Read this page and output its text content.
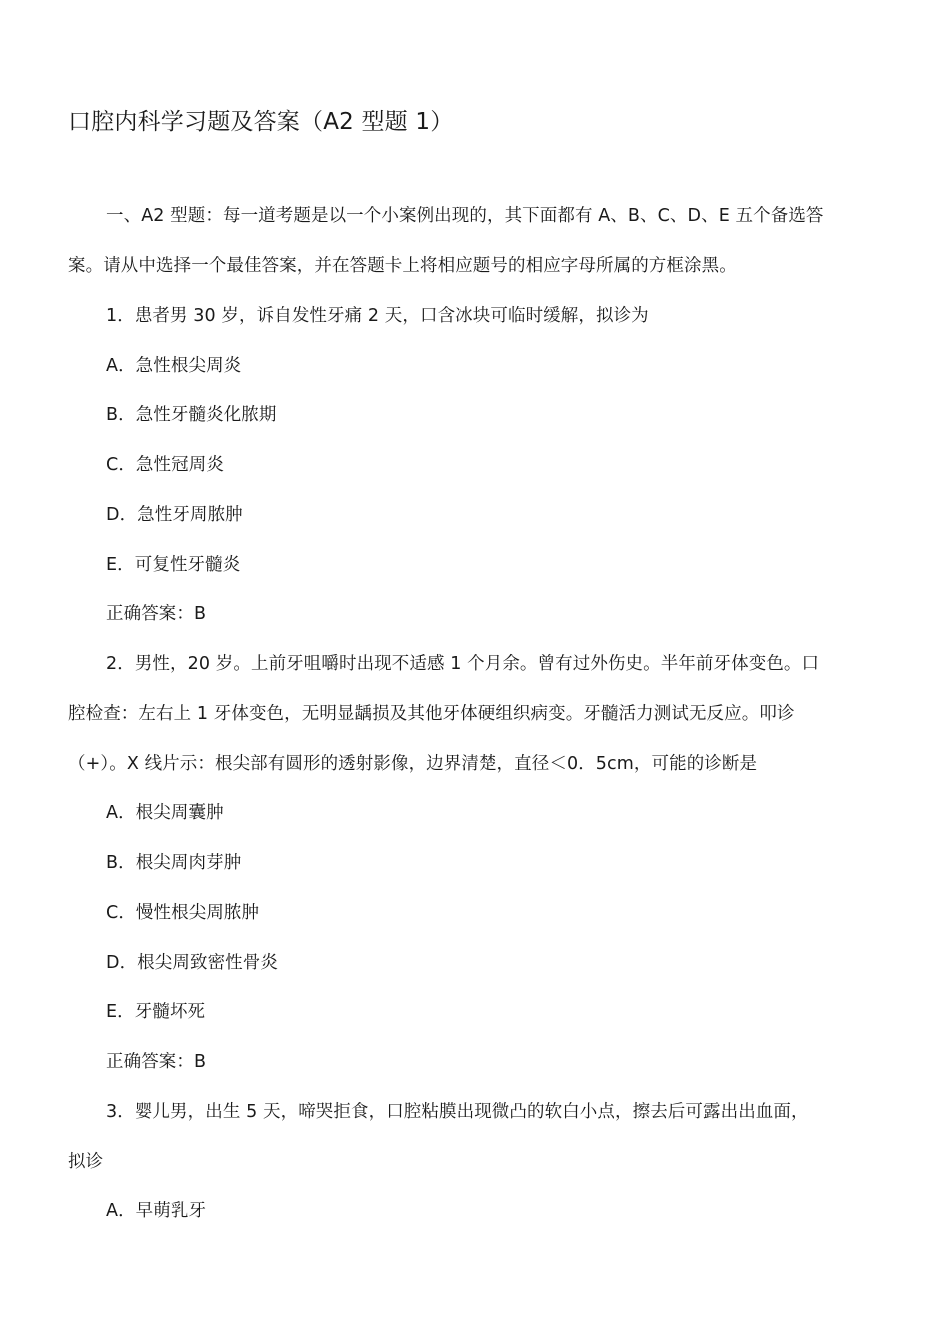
口腔内科学习题及答案（A2 型题 1）
一、A2 型题：每一道考题是以一个小案例出现的，其下面都有 A、B、C、D、E 五个备选答
案。请从中选择一个最佳答案，并在答题卡上将相应题号的相应字母所属的方框涂黑。
1．患者男 30 岁，诉自发性牙痛 2 天，口含冰块可临时缓解，拟诊为
A．急性根尖周炎
B．急性牙髓炎化脓期
C．急性冠周炎
D．急性牙周脓肿
E．可复性牙髓炎
正确答案：B
2．男性，20 岁。上前牙咀嚼时出现不适感 1 个月余。曾有过外伤史。半年前牙体变色。口
腔检查：左右上 1 牙体变色，无明显龋损及其他牙体硬组织病变。牙髓活力测试无反应。叩诊
（+）。X 线片示：根尖部有圆形的透射影像，边界清楚，直径＜0．5cm，可能的诊断是
A．根尖周囊肿
B．根尖周肉芽肿
C．慢性根尖周脓肿
D．根尖周致密性骨炎
E．牙髓坏死
正确答案：B
3．婴儿男，出生 5 天，啼哭拒食，口腔粘膜出现微凸的软白小点，擦去后可露出出血面，
拟诊
A．早萌乳牙
